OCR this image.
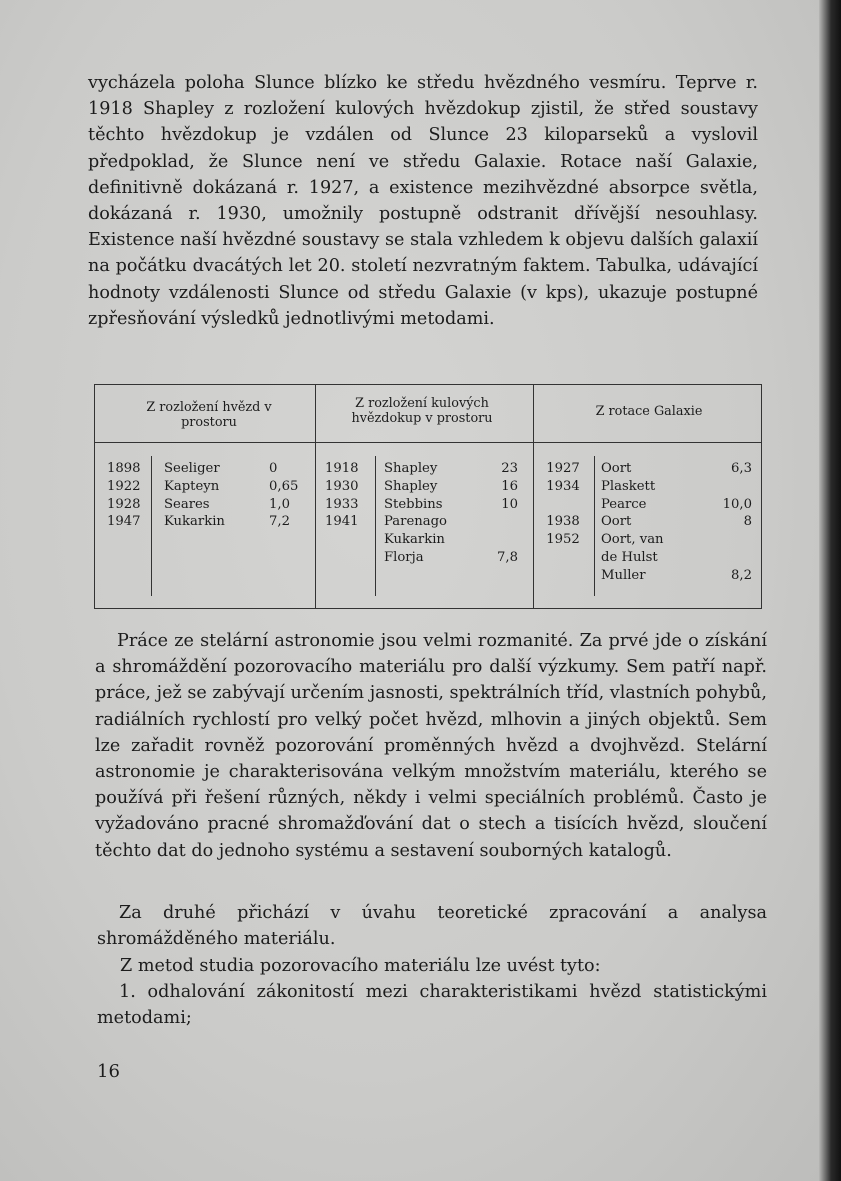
vycházela poloha Slunce blízko ke středu hvězdného vesmíru. Teprve r. 1918 Shapley z rozložení kulových hvězdokup zjistil, že střed soustavy těchto hvězdokup je vzdálen od Slunce 23 kiloparseků a vyslovil předpoklad, že Slunce není ve středu Galaxie. Rotace naší Galaxie, definitivně dokázaná r. 1927, a existence mezihvězdné absorpce světla, dokázaná r. 1930, umožnily postupně odstranit dřívější nesouhlasy. Existence naší hvězdné soustavy se stala vzhledem k objevu dalších galaxií na počátku dvacátých let 20. století nezvratným faktem. Tabulka, udávající hodnoty vzdálenosti Slunce od středu Galaxie (v kps), ukazuje postupné zpřesňování výsledků jednotlivými metodami.

Z rozložení hvězd v prostoru
Z rozložení kulových hvězdokup v prostoru	Z rotace Galaxie
1898
1922
1928
1947
Seeliger
Kapteyn
Seares
Kukarkin
0
0,65
1,0
7,2
1918
1930
1933
1941
Shapley
Shapley
Stebbins
Parenago
Kukarkin
Florja
23
16
10

7,8
1927
1934

1938
1952
Oort
Plaskett
Pearce
Oort
Oort, van
de Hulst
Muller
6,3

10,0
8

8,2

Práce ze stelární astronomie jsou velmi rozmanité. Za prvé jde o získání a shromáždění pozorovacího materiálu pro další výzkumy. Sem patří např. práce, jež se zabývají určením jasnosti, spektrálních tříd, vlastních pohybů, radiálních rychlostí pro velký počet hvězd, mlhovin a jiných objektů. Sem lze zařadit rovněž pozorování proměnných hvězd a dvojhvězd. Stelární astronomie je charakterisována velkým množstvím materiálu, kterého se používá při řešení různých, někdy i velmi speciálních problémů. Často je vyžadováno pracné shromažďování dat o stech a tisících hvězd, sloučení těchto dat do jednoho systému a sestavení souborných katalogů.

Za druhé přichází v úvahu teoretické zpracování a analysa shromážděného materiálu.

Z metod studia pozorovacího materiálu lze uvést tyto:

1. odhalování zákonitostí mezi charakteristikami hvězd statistickými metodami;

16
